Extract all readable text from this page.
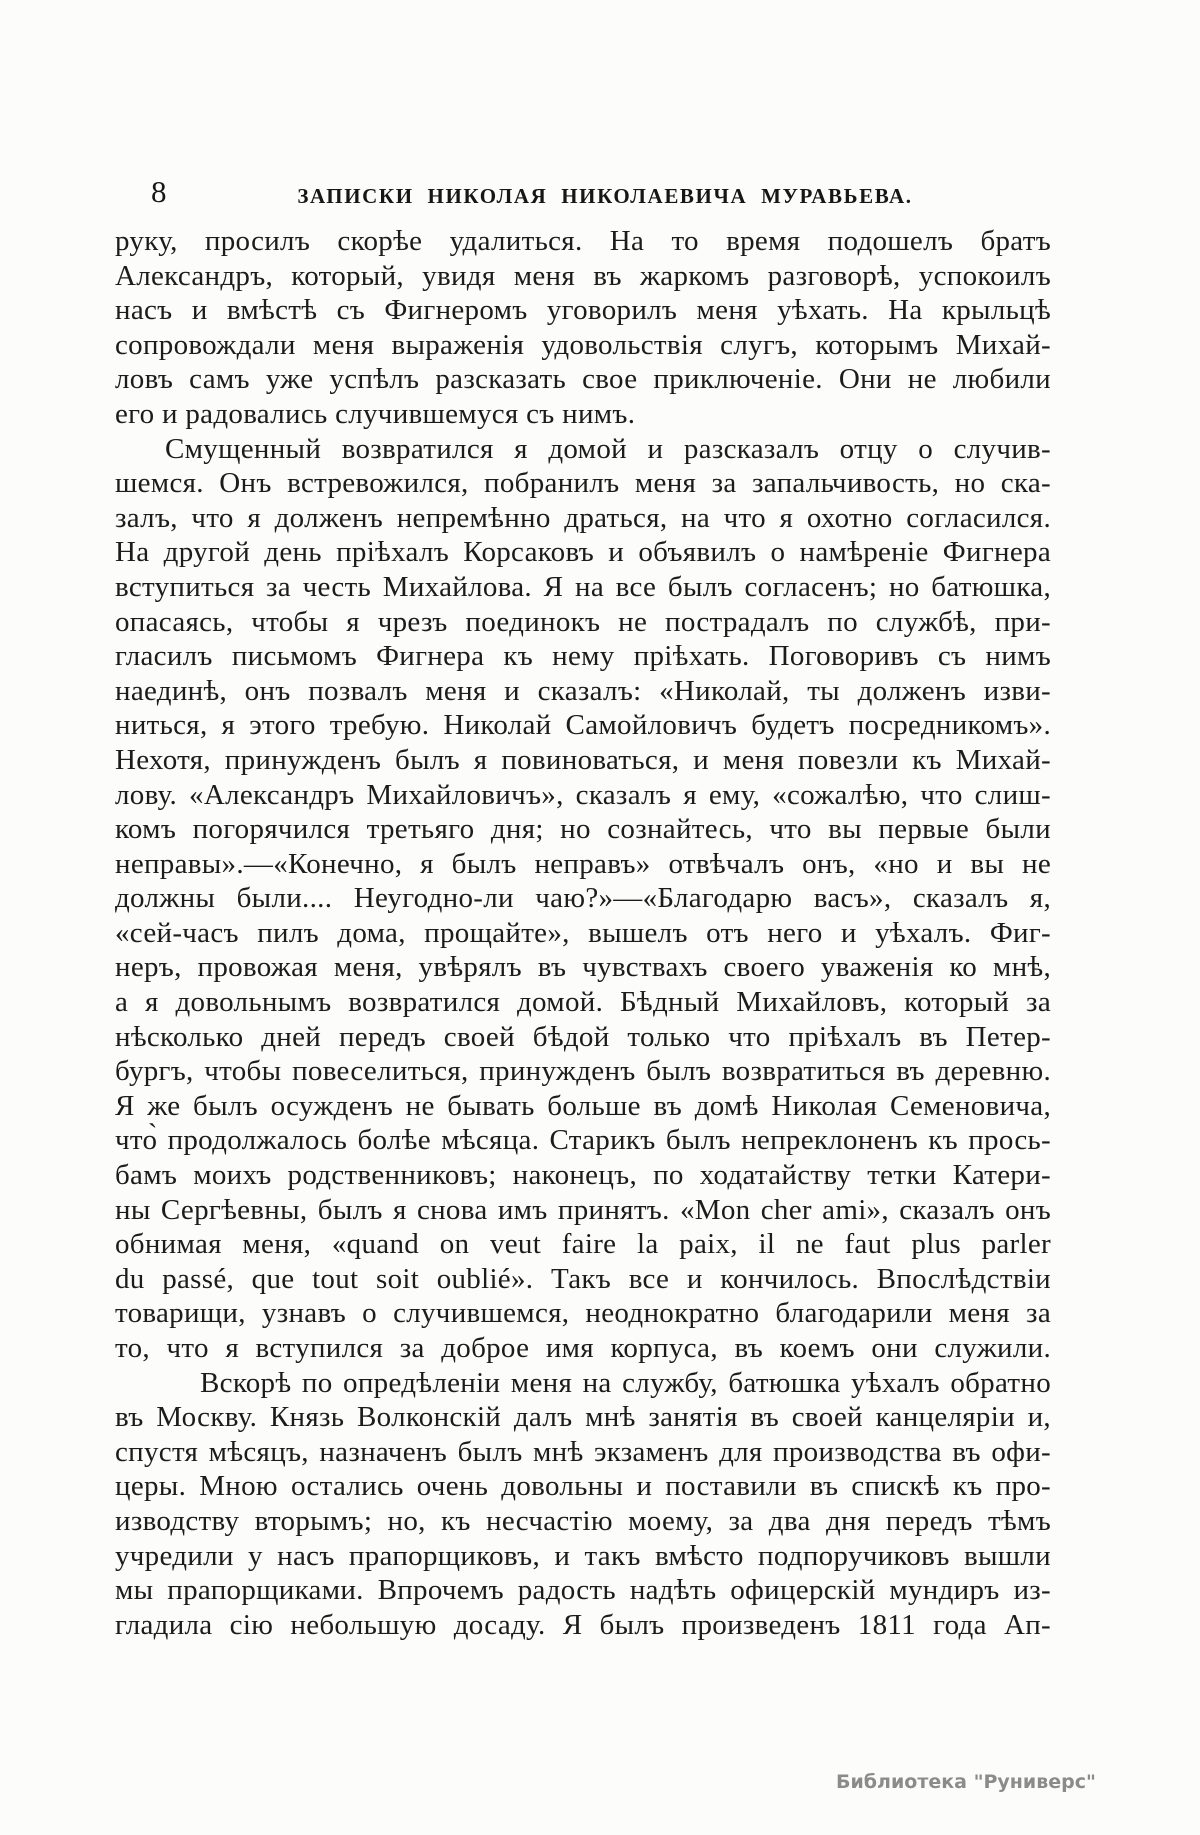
8	ЗАПИСКИ НИКОЛАЯ НИКОЛАЕВИЧА МУРАВЬЕВА.
руку, просилъ скорѣе удалиться. На то время подошелъ братъ
Александръ, который, увидя меня въ жаркомъ разговорѣ, успокоилъ
насъ и вмѣстѣ съ Фигнеромъ уговорилъ меня уѣхать. На крыльцѣ
сопровождали меня выраженія удовольствія слугъ, которымъ Михай-
ловъ самъ уже успѣлъ разсказать свое приключеніе. Они не любили
его и радовались случившемуся съ нимъ.
Смущенный возвратился я домой и разсказалъ отцу о случив-
шемся. Онъ встревожился, побранилъ меня за запальчивость, но ска-
залъ, что я долженъ непремѣнно драться, на что я охотно согласился.
На другой день пріѣхалъ Корсаковъ и объявилъ о намѣреніе Фигнера
вступиться за честь Михайлова. Я на все былъ согласенъ; но батюшка,
опасаясь, чтобы я чрезъ поединокъ не пострадалъ по службѣ, при-
гласилъ письмомъ Фигнера къ нему пріѣхать. Поговоривъ съ нимъ
наединѣ, онъ позвалъ меня и сказалъ: «Николай, ты долженъ изви-
ниться, я этого требую. Николай Самойловичъ будетъ посредникомъ».
Нехотя, принужденъ былъ я повиноваться, и меня повезли къ Михай-
лову. «Александръ Михайловичъ», сказалъ я ему, «сожалѣю, что слиш-
комъ погорячился третьяго дня; но сознайтесь, что вы первые были
неправы».—«Конечно, я былъ неправъ» отвѣчалъ онъ, «но и вы не
должны были.... Неугодно-ли чаю?»—«Благодарю васъ», сказалъ я,
«сей-часъ пилъ дома, прощайте», вышелъ отъ него и уѣхалъ. Фиг-
неръ, провожая меня, увѣрялъ въ чувствахъ своего уваженія ко мнѣ,
а я довольнымъ возвратился домой. Бѣдный Михайловъ, который за
нѣсколько дней передъ своей бѣдой только что пріѣхалъ въ Петер-
бургъ, чтобы повеселиться, принужденъ былъ возвратиться въ деревню.
Я же былъ осужденъ не бывать больше въ домѣ Николая Семеновича,
что̀ продолжалось болѣе мѣсяца. Старикъ былъ непреклоненъ къ прось-
бамъ моихъ родственниковъ; наконецъ, по ходатайству тетки Катери-
ны Сергѣевны, былъ я снова имъ принятъ. «Mon cher ami», сказалъ онъ
обнимая меня, «quand on veut faire la paix, il ne faut plus parler
du passé, que tout soit oublié». Такъ все и кончилось. Впослѣдствіи
товарищи, узнавъ о случившемся, неоднократно благодарили меня за
то, что я вступился за доброе имя корпуса, въ коемъ они служили.
Вскорѣ по опредѣленіи меня на службу, батюшка уѣхалъ обратно
въ Москву. Князь Волконскій далъ мнѣ занятія въ своей канцеляріи и,
спустя мѣсяцъ, назначенъ былъ мнѣ экзаменъ для производства въ офи-
церы. Мною остались очень довольны и поставили въ спискѣ къ про-
изводству вторымъ; но, къ несчастію моему, за два дня передъ тѣмъ
учредили у насъ прапорщиковъ, и такъ вмѣсто подпоручиковъ вышли
мы прапорщиками. Впрочемъ радость надѣть офицерскій мундиръ из-
гладила сію небольшую досаду. Я былъ произведенъ 1811 года Ап-
Библиотека "Руниверс"
